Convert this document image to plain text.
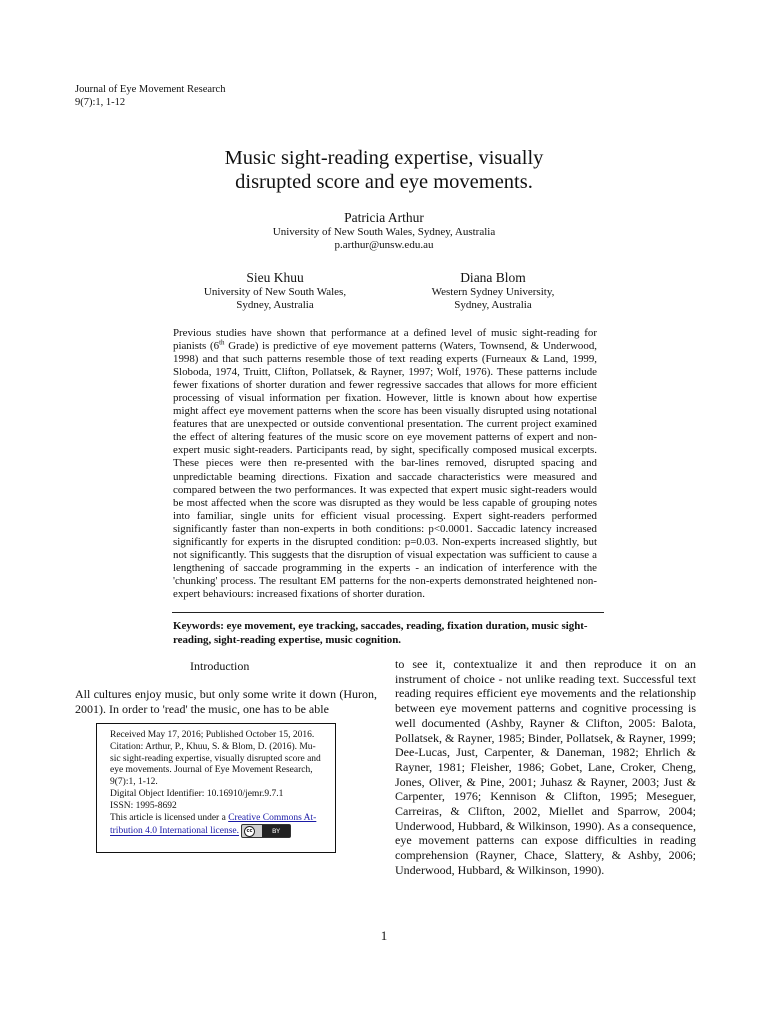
Journal of Eye Movement Research
9(7):1, 1-12
Music sight-reading expertise, visually
disrupted score and eye movements.
Patricia Arthur
University of New South Wales, Sydney, Australia
p.arthur@unsw.edu.au
Sieu Khuu
University of New South Wales,
Sydney, Australia
Diana Blom
Western Sydney University,
Sydney, Australia

Previous studies have shown that performance at a defined level of music sight-reading for pianists (6th Grade) is predictive of eye movement patterns (Waters, Townsend, & Underwood, 1998) and that such patterns resemble those of text reading experts (Furneaux & Land, 1999, Sloboda, 1974, Truitt, Clifton, Pollatsek, & Rayner, 1997; Wolf, 1976). These patterns include fewer fixations of shorter duration and fewer regressive saccades that allows for more efficient processing of visual information per fixation. However, little is known about how expertise might affect eye movement patterns when the score has been visually disrupted using notational features that are unexpected or outside conventional presentation. The current project examined the effect of altering features of the music score on eye movement patterns of expert and non-expert music sight-readers. Participants read, by sight, specifically composed musical excerpts. These pieces were then re-presented with the bar-lines removed, disrupted spacing and unpredictable beaming directions. Fixation and saccade characteristics were measured and compared between the two performances. It was expected that expert music sight-readers would be most affected when the score was disrupted as they would be less capable of grouping notes into familiar, single units for efficient visual processing. Expert sight-readers performed significantly faster than non-experts in both conditions: p<0.0001. Saccadic latency increased significantly for experts in the disrupted condition: p=0.03. Non-experts increased slightly, but not significantly. This suggests that the disruption of visual expectation was sufficient to cause a lengthening of saccade programming in the experts - an indication of interference with the 'chunking' process. The resultant EM patterns for the non-experts demonstrated heightened non-expert behaviours: increased fixations of shorter duration.

Keywords: eye movement, eye tracking, saccades, reading, fixation duration, music sight-reading, sight-reading expertise, music cognition.
Introduction

All cultures enjoy music, but only some write it down (Huron, 2001). In order to 'read' the music, one has to be able

Received May 17, 2016; Published October 15, 2016.
Citation: Arthur, P., Khuu, S. & Blom, D. (2016). Mu-
sic sight-reading expertise, visually disrupted score and
eye movements. Journal of Eye Movement Research,
9(7):1, 1-12.
Digital Object Identifier: 10.16910/jemr.9.7.1
ISSN: 1995-8692
This article is licensed under a Creative Commons At-
tribution 4.0 International license.	cc	BY

to see it, contextualize it and then reproduce it on an instrument of choice - not unlike reading text. Successful text reading requires efficient eye movements and the relationship between eye movement patterns and cognitive processing is well documented (Ashby, Rayner & Clifton, 2005: Balota, Pollatsek, & Rayner, 1985; Binder, Pollatsek, & Rayner, 1999; Dee-Lucas, Just, Carpenter, & Daneman, 1982; Ehrlich & Rayner, 1981; Fleisher, 1986; Gobet, Lane, Croker, Cheng, Jones, Oliver, & Pine, 2001; Juhasz & Rayner, 2003; Just & Carpenter, 1976; Kennison & Clifton, 1995; Meseguer, Carreiras, & Clifton, 2002, Miellet and Sparrow, 2004; Underwood, Hubbard, & Wilkinson, 1990). As a consequence, eye movement patterns can expose difficulties in reading comprehension (Rayner, Chace, Slattery, & Ashby, 2006; Underwood, Hubbard, & Wilkinson, 1990).

1
